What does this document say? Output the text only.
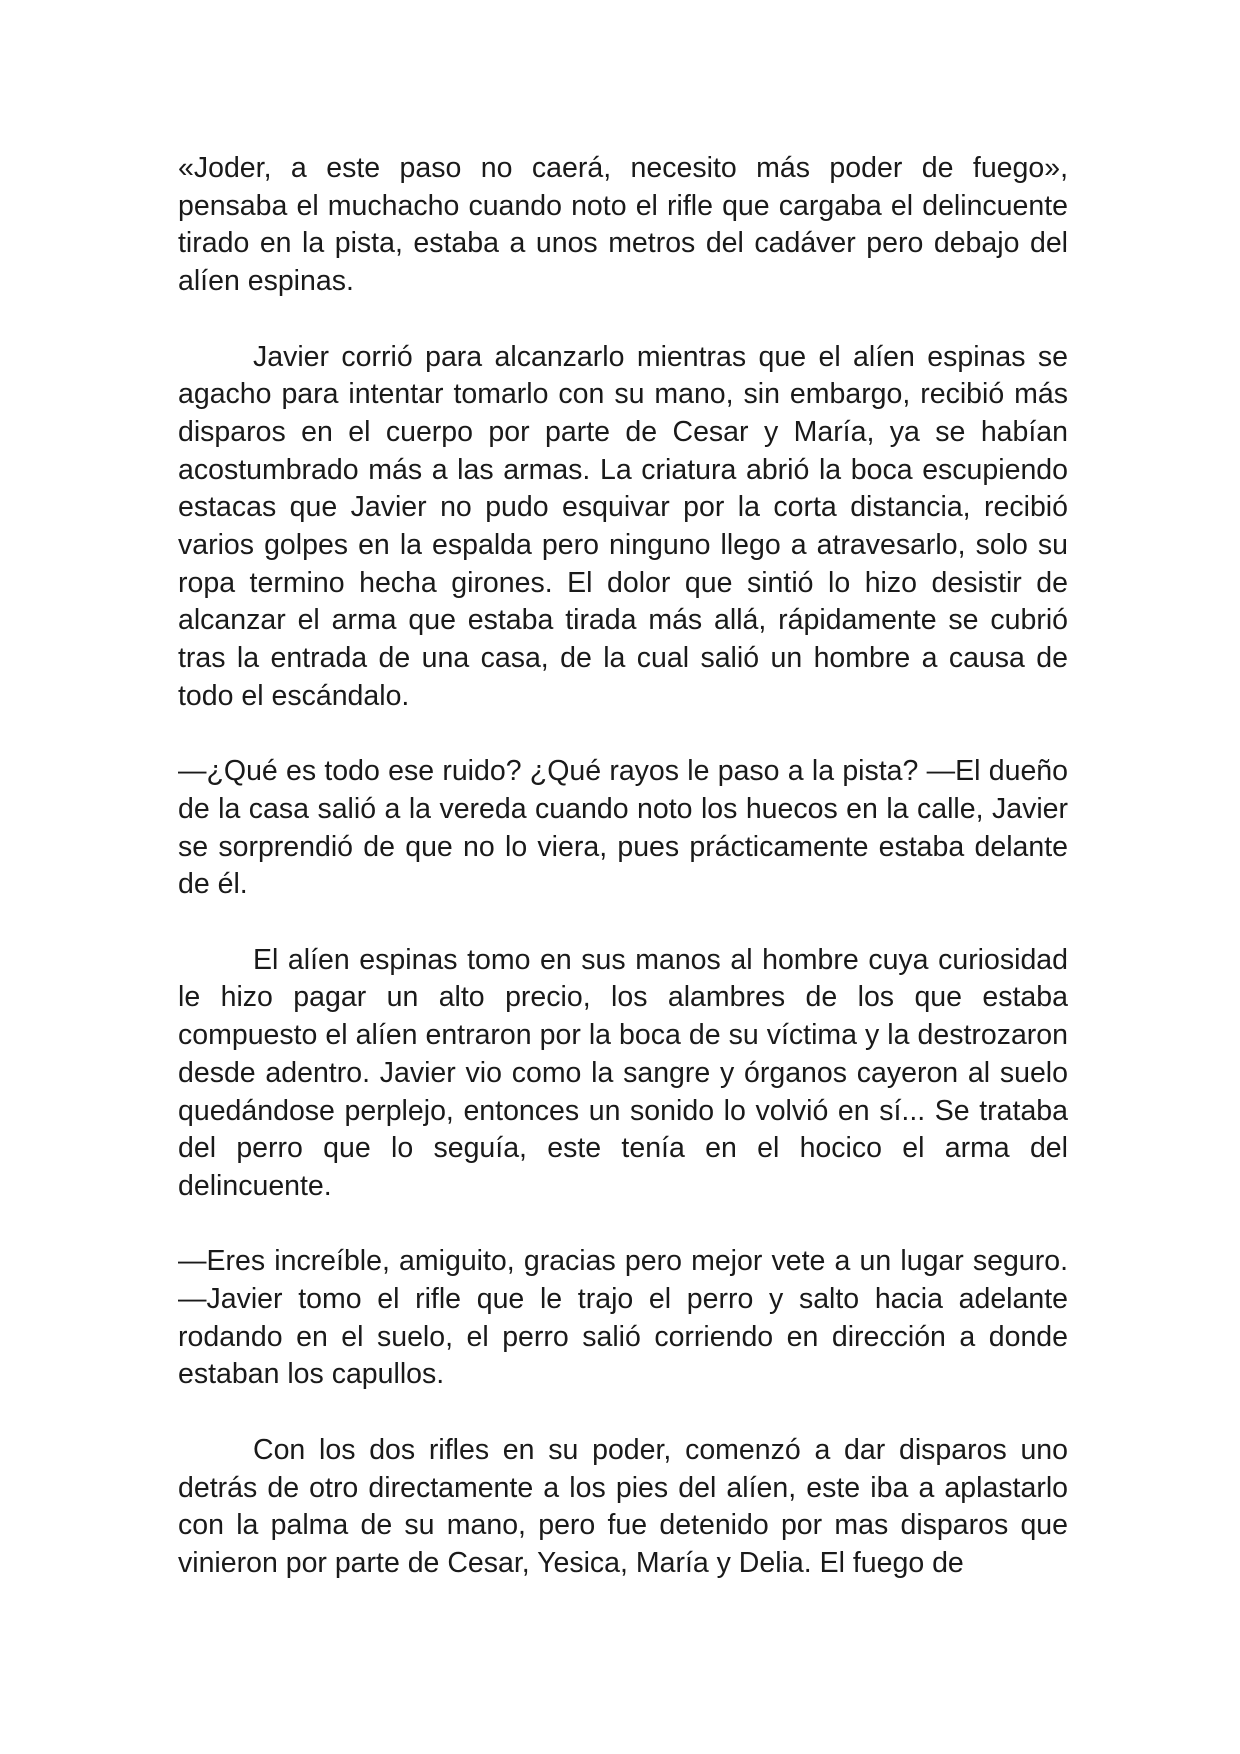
«Joder, a este paso no caerá, necesito más poder de fuego», pensaba el muchacho cuando noto el rifle que cargaba el delincuente tirado en la pista, estaba a unos metros del cadáver pero debajo del alíen espinas.

Javier corrió para alcanzarlo mientras que el alíen espinas se agacho para intentar tomarlo con su mano, sin embargo, recibió más disparos en el cuerpo por parte de Cesar y María, ya se habían acostumbrado más a las armas. La criatura abrió la boca escupiendo estacas que Javier no pudo esquivar por la corta distancia, recibió varios golpes en la espalda pero ninguno llego a atravesarlo, solo su ropa termino hecha girones. El dolor que sintió lo hizo desistir de alcanzar el arma que estaba tirada más allá, rápidamente se cubrió tras la entrada de una casa, de la cual salió un hombre a causa de todo el escándalo.

—¿Qué es todo ese ruido? ¿Qué rayos le paso a la pista? —El dueño de la casa salió a la vereda cuando noto los huecos en la calle, Javier se sorprendió de que no lo viera, pues prácticamente estaba delante de él.

El alíen espinas tomo en sus manos al hombre cuya curiosidad le hizo pagar un alto precio, los alambres de los que estaba compuesto el alíen entraron por la boca de su víctima y la destrozaron desde adentro. Javier vio como la sangre y órganos cayeron al suelo quedándose perplejo, entonces un sonido lo volvió en sí... Se trataba del perro que lo seguía, este tenía en el hocico el arma del delincuente.

—Eres increíble, amiguito, gracias pero mejor vete a un lugar seguro. —Javier tomo el rifle que le trajo el perro y salto hacia adelante rodando en el suelo, el perro salió corriendo en dirección a donde estaban los capullos.

Con los dos rifles en su poder, comenzó a dar disparos uno detrás de otro directamente a los pies del alíen, este iba a aplastarlo con la palma de su mano, pero fue detenido por mas disparos que vinieron por parte de Cesar, Yesica, María y Delia. El fuego de
